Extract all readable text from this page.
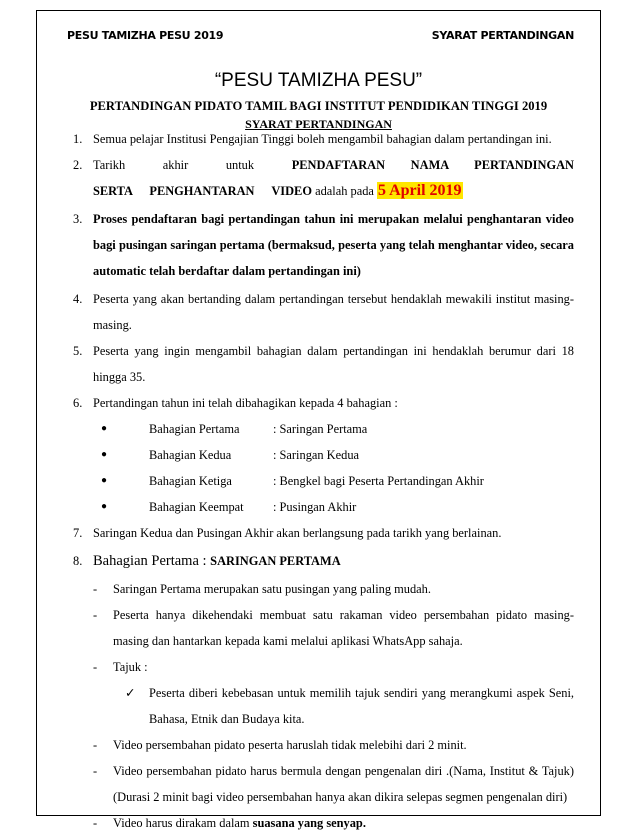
PESU TAMIZHA PESU 2019	SYARAT PERTANDINGAN
“PESU TAMIZHA PESU”
PERTANDINGAN PIDATO TAMIL BAGI INSTITUT PENDIDIKAN TINGGI 2019
SYARAT PERTANDINGAN
1. Semua pelajar Institusi Pengajian Tinggi boleh mengambil bahagian dalam pertandingan ini.
2. Tarikh akhir untuk PENDAFTARAN NAMA PERTANDINGAN SERTA PENGHANTARAN VIDEO adalah pada 5 April 2019
3. Proses pendaftaran bagi pertandingan tahun ini merupakan melalui penghantaran video bagi pusingan saringan pertama (bermaksud, peserta yang telah menghantar video, secara automatic telah berdaftar dalam pertandingan ini)
4. Peserta yang akan bertanding dalam pertandingan tersebut hendaklah mewakili institut masing-masing.
5. Peserta yang ingin mengambil bahagian dalam pertandingan ini hendaklah berumur dari 18 hingga 35.
6. Pertandingan tahun ini telah dibahagikan kepada 4 bahagian :
●	Bahagian Pertama	: Saringan Pertama
●	Bahagian Kedua	: Saringan Kedua
●	Bahagian Ketiga	: Bengkel bagi Peserta Pertandingan Akhir
●	Bahagian Keempat : Pusingan Akhir
7. Saringan Kedua dan Pusingan Akhir akan berlangsung pada tarikh yang berlainan.
8. Bahagian Pertama : SARINGAN PERTAMA
- Saringan Pertama merupakan satu pusingan yang paling mudah.
- Peserta hanya dikehendaki membuat satu rakaman video persembahan pidato masing-masing dan hantarkan kepada kami melalui aplikasi WhatsApp sahaja.
- Tajuk :
✓ Peserta diberi kebebasan untuk memilih tajuk sendiri yang merangkumi aspek Seni, Bahasa, Etnik dan Budaya kita.
- Video persembahan pidato peserta haruslah tidak melebihi dari 2 minit.
- Video persembahan pidato harus bermula dengan pengenalan diri .(Nama, Institut & Tajuk) (Durasi 2 minit bagi video persembahan hanya akan dikira selepas segmen pengenalan diri)
- Video harus dirakam dalam suasana yang senyap.
